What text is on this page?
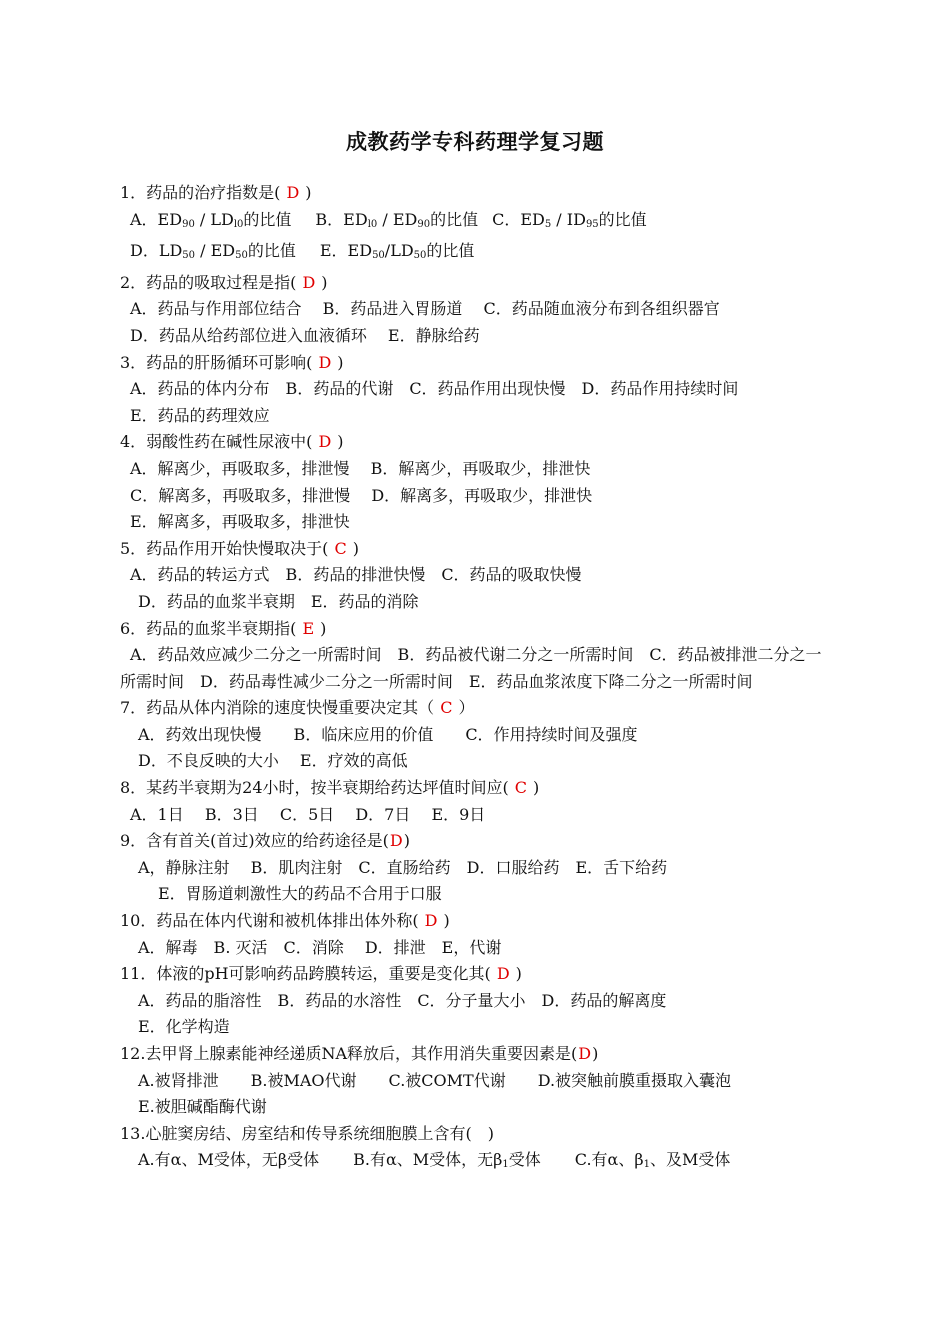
成教药学专科药理学复习题
1．药品的治疗指数是( D )
A．$ED_{90} / LD_{l0}$的比值 B．$ED_{l0} / ED_{90}$的比值 C．$ED_5 / ID_{95}$的比值
D．$LD_{50} / ED_{50}$的比值 E．$ED_{50}/LD_{50}$的比值
2．药品的吸取过程是指( D )
A．药品与作用部位结合　 B．药品进入胃肠道　 C．药品随血液分布到各组织器官
D．药品从给药部位进入血液循环　 E．静脉给药
3．药品的肝肠循环可影响( D )
A．药品的体内分布　B．药品的代谢　C．药品作用出现快慢　D．药品作用持续时间
E．药品的药理效应
4．弱酸性药在碱性尿液中( D )
A．解离少，再吸取多，排泄慢　 B．解离少，再吸取少，排泄快
C．解离多，再吸取多，排泄慢　 D．解离多，再吸取少，排泄快
E．解离多，再吸取多，排泄快
5．药品作用开始快慢取决于( C )
A．药品的转运方式　B．药品的排泄快慢　C．药品的吸取快慢
D．药品的血浆半衰期　E．药品的消除
6．药品的血浆半衰期指( E )
A．药品效应减少二分之一所需时间　B．药品被代谢二分之一所需时间　C．药品被排泄二分之一所需时间　D．药品毒性减少二分之一所需时间　E．药品血浆浓度下降二分之一所需时间
7．药品从体内消除的速度快慢重要决定其（ C ）
A．药效出现快慢　　B．临床应用的价值　　C．作用持续时间及强度
D．不良反映的大小　 E．疗效的高低
8．某药半衰期为24小时，按半衰期给药达坪值时间应( C )
A．1日　 B．3日　 C．5日　 D．7日　 E．9日
9．含有首关(首过)效应的给药途径是(D)
A，静脉注射　 B．肌肉注射　C．直肠给药　D．口服给药　E．舌下给药
E．胃肠道刺激性大的药品不合用于口服
10．药品在体内代谢和被机体排出体外称( D )
A．解毒　B. 灭活　C．消除　 D．排泄　E，代谢
11．体液的pH可影响药品跨膜转运，重要是变化其( D )
A．药品的脂溶性　B．药品的水溶性　C．分子量大小　D．药品的解离度
E．化学构造
12.去甲肾上腺素能神经递质NA释放后，其作用消失重要因素是(D)
A.被肾排泄　　B.被MAO代谢　　C.被COMT代谢　　D.被突触前膜重摄取入囊泡
E.被胆碱酯酶代谢
13.心脏窦房结、房室结和传导系统细胞膜上含有(　)
A.有α、M受体，无β受体 B.有α、M受体，无$\beta_1$受体 C.有α、$\beta_1$、及M受体
